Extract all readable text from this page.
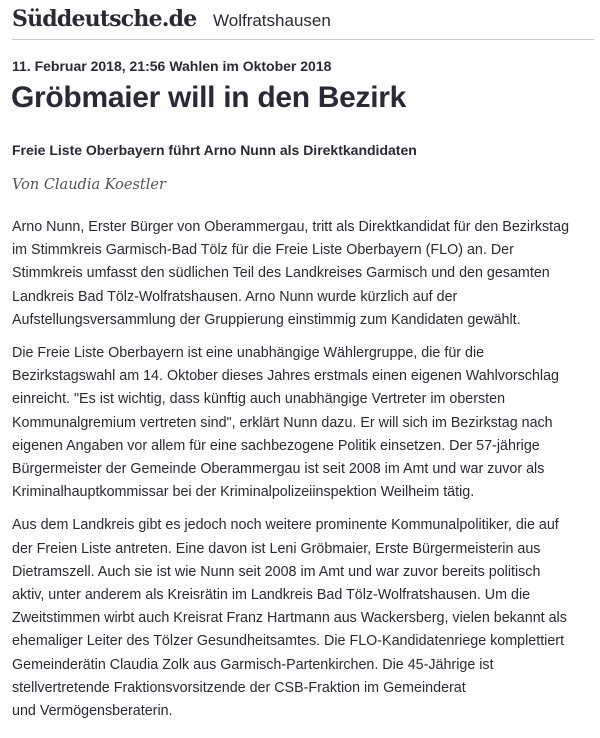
Süddeutsche.de Wolfratshausen
11. Februar 2018, 21:56 Wahlen im Oktober 2018
Gröbmaier will in den Bezirk
Freie Liste Oberbayern führt Arno Nunn als Direktkandidaten
Von Claudia Koestler

Arno Nunn, Erster Bürger von Oberammergau, tritt als Direktkandidat für den Bezirkstag
im Stimmkreis Garmisch-Bad Tölz für die Freie Liste Oberbayern (FLO) an. Der
Stimmkreis umfasst den südlichen Teil des Landkreises Garmisch und den gesamten
Landkreis Bad Tölz-Wolfratshausen. Arno Nunn wurde kürzlich auf der
Aufstellungsversammlung der Gruppierung einstimmig zum Kandidaten gewählt.

Die Freie Liste Oberbayern ist eine unabhängige Wählergruppe, die für die
Bezirkstagswahl am 14. Oktober dieses Jahres erstmals einen eigenen Wahlvorschlag
einreicht. "Es ist wichtig, dass künftig auch unabhängige Vertreter im obersten
Kommunalgremium vertreten sind", erklärt Nunn dazu. Er will sich im Bezirkstag nach
eigenen Angaben vor allem für eine sachbezogene Politik einsetzen. Der 57-jährige
Bürgermeister der Gemeinde Oberammergau ist seit 2008 im Amt und war zuvor als
Kriminalhauptkommissar bei der Kriminalpolizeiinspektion Weilheim tätig.

Aus dem Landkreis gibt es jedoch noch weitere prominente Kommunalpolitiker, die auf
der Freien Liste antreten. Eine davon ist Leni Gröbmaier, Erste Bürgermeisterin aus
Dietramszell. Auch sie ist wie Nunn seit 2008 im Amt und war zuvor bereits politisch
aktiv, unter anderem als Kreisrätin im Landkreis Bad Tölz-Wolfratshausen. Um die
Zweitstimmen wirbt auch Kreisrat Franz Hartmann aus Wackersberg, vielen bekannt als
ehemaliger Leiter des Tölzer Gesundheitsamtes. Die FLO-Kandidatenriege komplettiert
Gemeinderätin Claudia Zolk aus Garmisch-Partenkirchen. Die 45-Jährige ist
stellvertretende Fraktionsvorsitzende der CSB-Fraktion im Gemeinderat
und Vermögensberaterin.
